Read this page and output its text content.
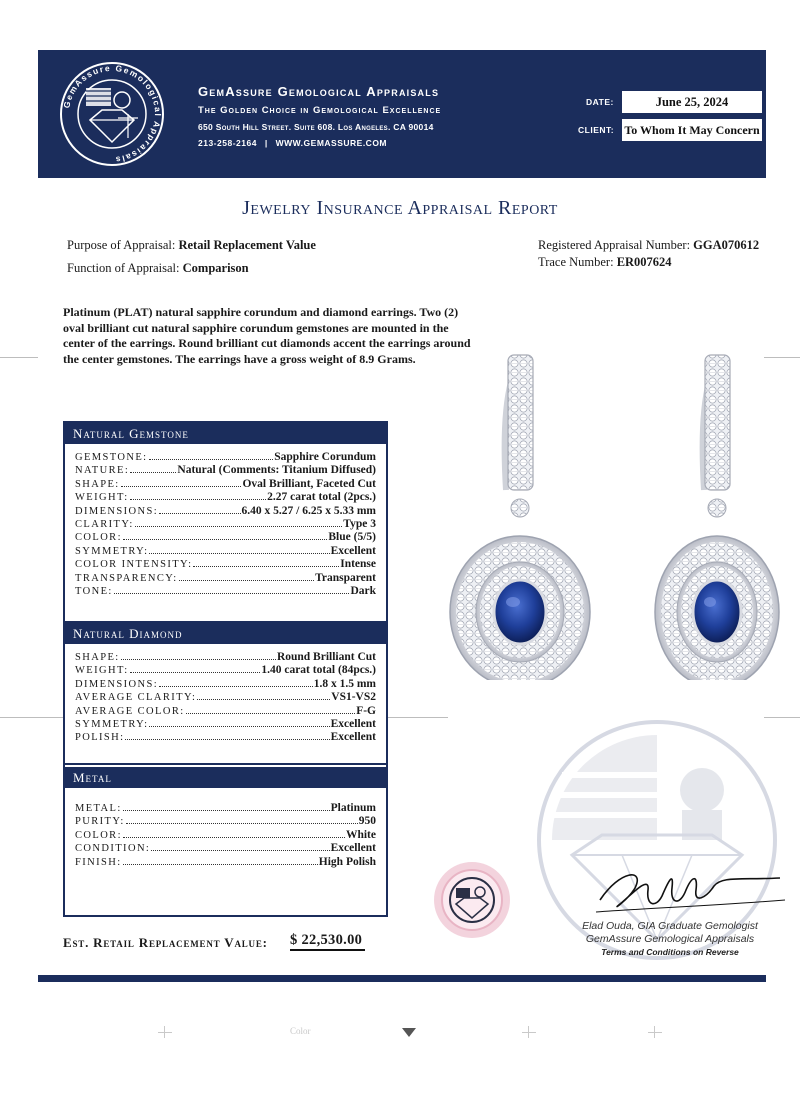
GemAssure Gemological Appraisals
GemAssure Gemological Appraisals
The Golden Choice in Gemological Excellence
650 South Hill Street. Suite 608. Los Angeles. CA 90014
213-258-2164 | WWW.GEMASSURE.COM
DATE:	June 25, 2024
CLIENT: To Whom It May Concern
Jewelry Insurance Appraisal Report
Purpose of Appraisal: Retail Replacement Value
Function of Appraisal: Comparison
Registered Appraisal Number: GGA070612
Trace Number: ER007624
Platinum (PLAT) natural sapphire corundum and diamond earrings. Two (2) oval brilliant cut natural sapphire corundum gemstones are mounted in the center of the earrings. Round brilliant cut diamonds accent the earrings around the center gemstones. The earrings have a gross weight of 8.9 Grams.
Natural Gemstone
GEMSTONE:	Sapphire Corundum
NATURE:	Natural (Comments: Titanium Diffused)
SHAPE:	Oval Brilliant, Faceted Cut
WEIGHT:	2.27 carat total (2pcs.)
DIMENSIONS:	6.40 x 5.27 / 6.25 x 5.33 mm
CLARITY:	Type 3
COLOR:	Blue (5/5)
SYMMETRY:	Excellent
COLOR INTENSITY:	Intense
TRANSPARENCY:	Transparent
TONE:	Dark
Natural Diamond
SHAPE:	Round Brilliant Cut
WEIGHT:	1.40 carat total (84pcs.)
DIMENSIONS:	1.8 x 1.5 mm
AVERAGE CLARITY:	VS1-VS2
AVERAGE COLOR:	F-G
SYMMETRY:	Excellent
POLISH:	Excellent
Metal
METAL:	Platinum
PURITY:	950
COLOR:	White
CONDITION:	Excellent
FINISH:	High Polish
Est. Retail Replacement Value: $ 22,530.00
Elad Ouda, GIA Graduate Gemologist
GemAssure Gemological Appraisals
Terms and Conditions on Reverse
Color
